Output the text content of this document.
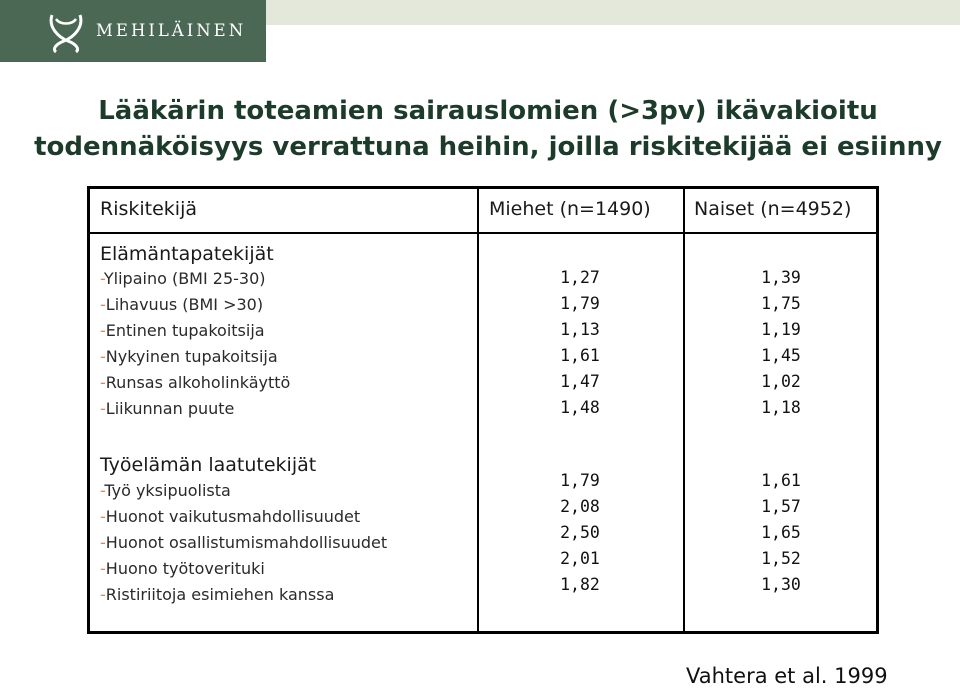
MEHILÄINEN
Lääkärin toteamien sairauslomien (>3pv) ikävakioitu
todennäköisyys verrattuna heihin, joilla riskitekijää ei esiinny
Riskitekijä	Miehet (n=1490) Naiset (n=4952)
Elämäntapatekijät
-Ylipaino (BMI 25-30)
-Lihavuus (BMI >30)
-Entinen tupakoitsija
-Nykyinen tupakoitsija
-Runsas alkoholinkäyttö
-Liikunnan puute
1,27
1,79
1,13
1,61
1,47
1,48
1,39
1,75
1,19
1,45
1,02
1,18
Työelämän laatutekijät
-Työ yksipuolista
-Huonot vaikutusmahdollisuudet
-Huonot osallistumismahdollisuudet
-Huono työtoverituki
-Ristiriitoja esimiehen kanssa
1,79
2,08
2,50
2,01
1,82
1,61
1,57
1,65
1,52
1,30
Vahtera et al. 1999
